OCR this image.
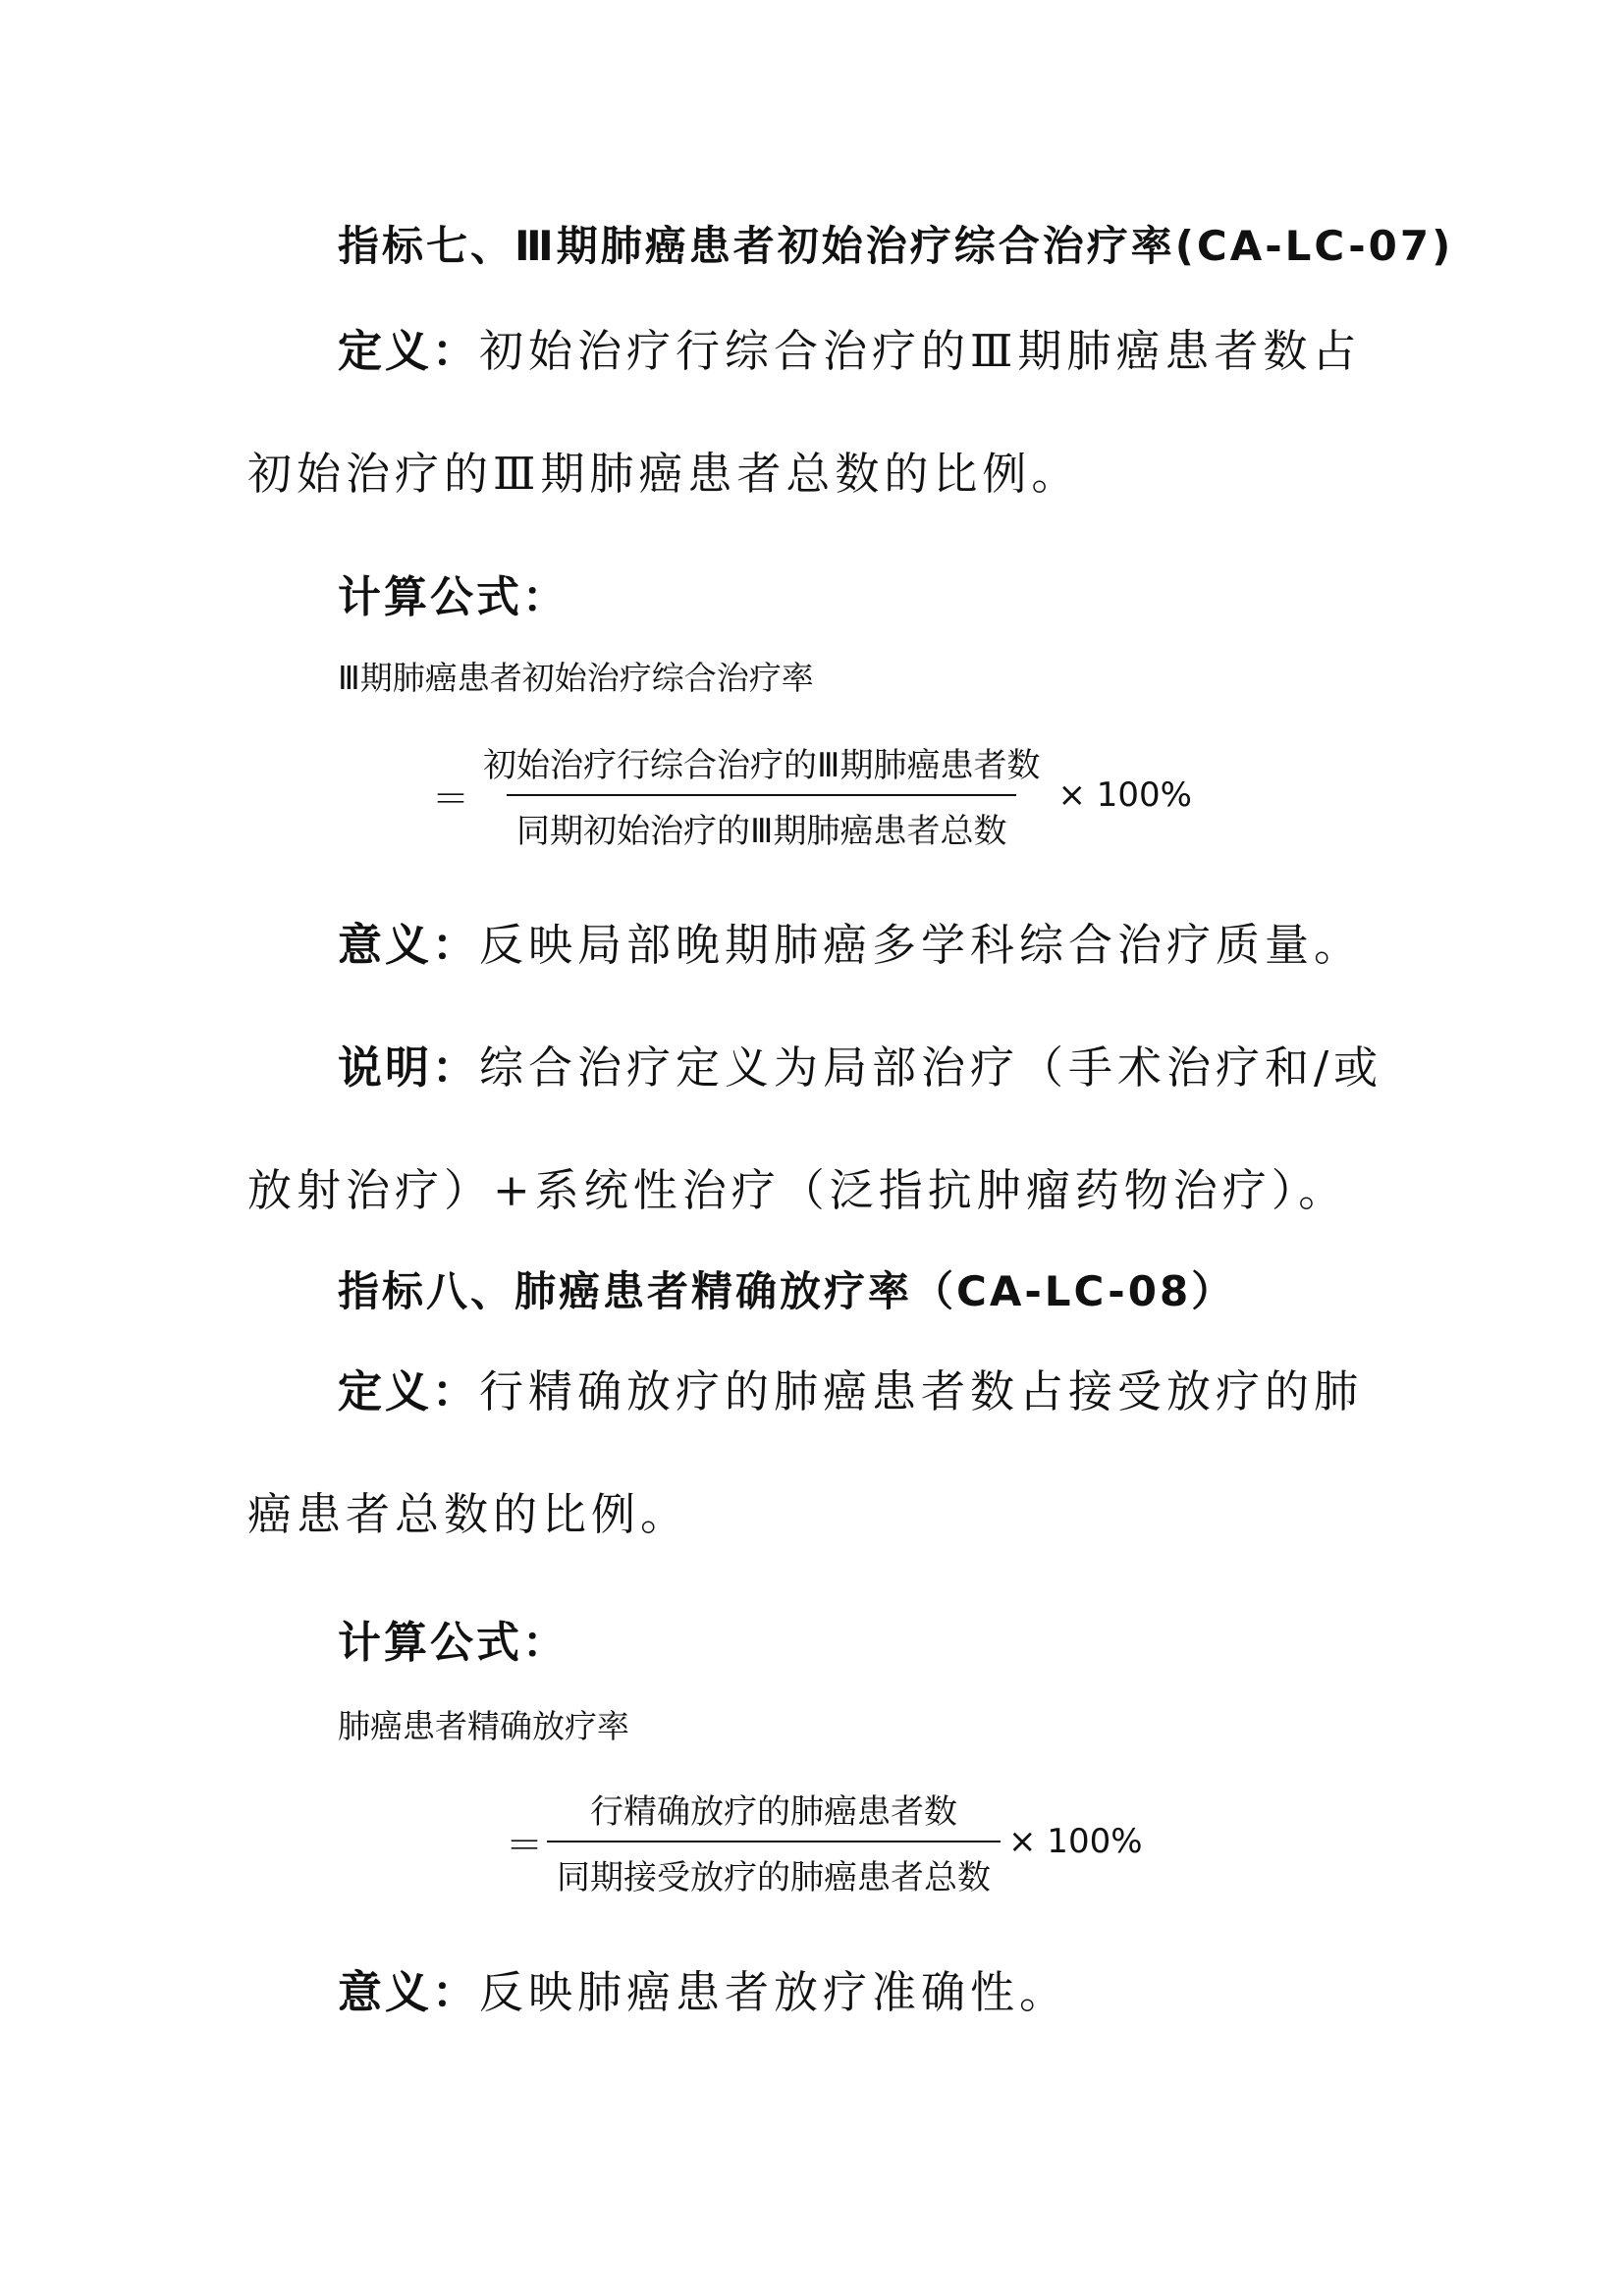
指标七、Ⅲ期肺癌患者初始治疗综合治疗率(CA-LC-07)
定义：初始治疗行综合治疗的Ⅲ期肺癌患者数占初始治疗的Ⅲ期肺癌患者总数的比例。
计算公式：
Ⅲ期肺癌患者初始治疗综合治疗率
＝ $\frac{\text{初始治疗行综合治疗的Ⅲ期肺癌患者数}}{\text{同期初始治疗的Ⅲ期肺癌患者总数}} \times 100\%$
意义：反映局部晚期肺癌多学科综合治疗质量。
说明：综合治疗定义为局部治疗（手术治疗和/或放射治疗）+系统性治疗（泛指抗肿瘤药物治疗）。
指标八、肺癌患者精确放疗率（CA-LC-08）
定义：行精确放疗的肺癌患者数占接受放疗的肺癌患者总数的比例。
计算公式：
肺癌患者精确放疗率
＝ $\frac{\text{行精确放疗的肺癌患者数}}{\text{同期接受放疗的肺癌患者总数}} \times 100\%$
意义：反映肺癌患者放疗准确性。
